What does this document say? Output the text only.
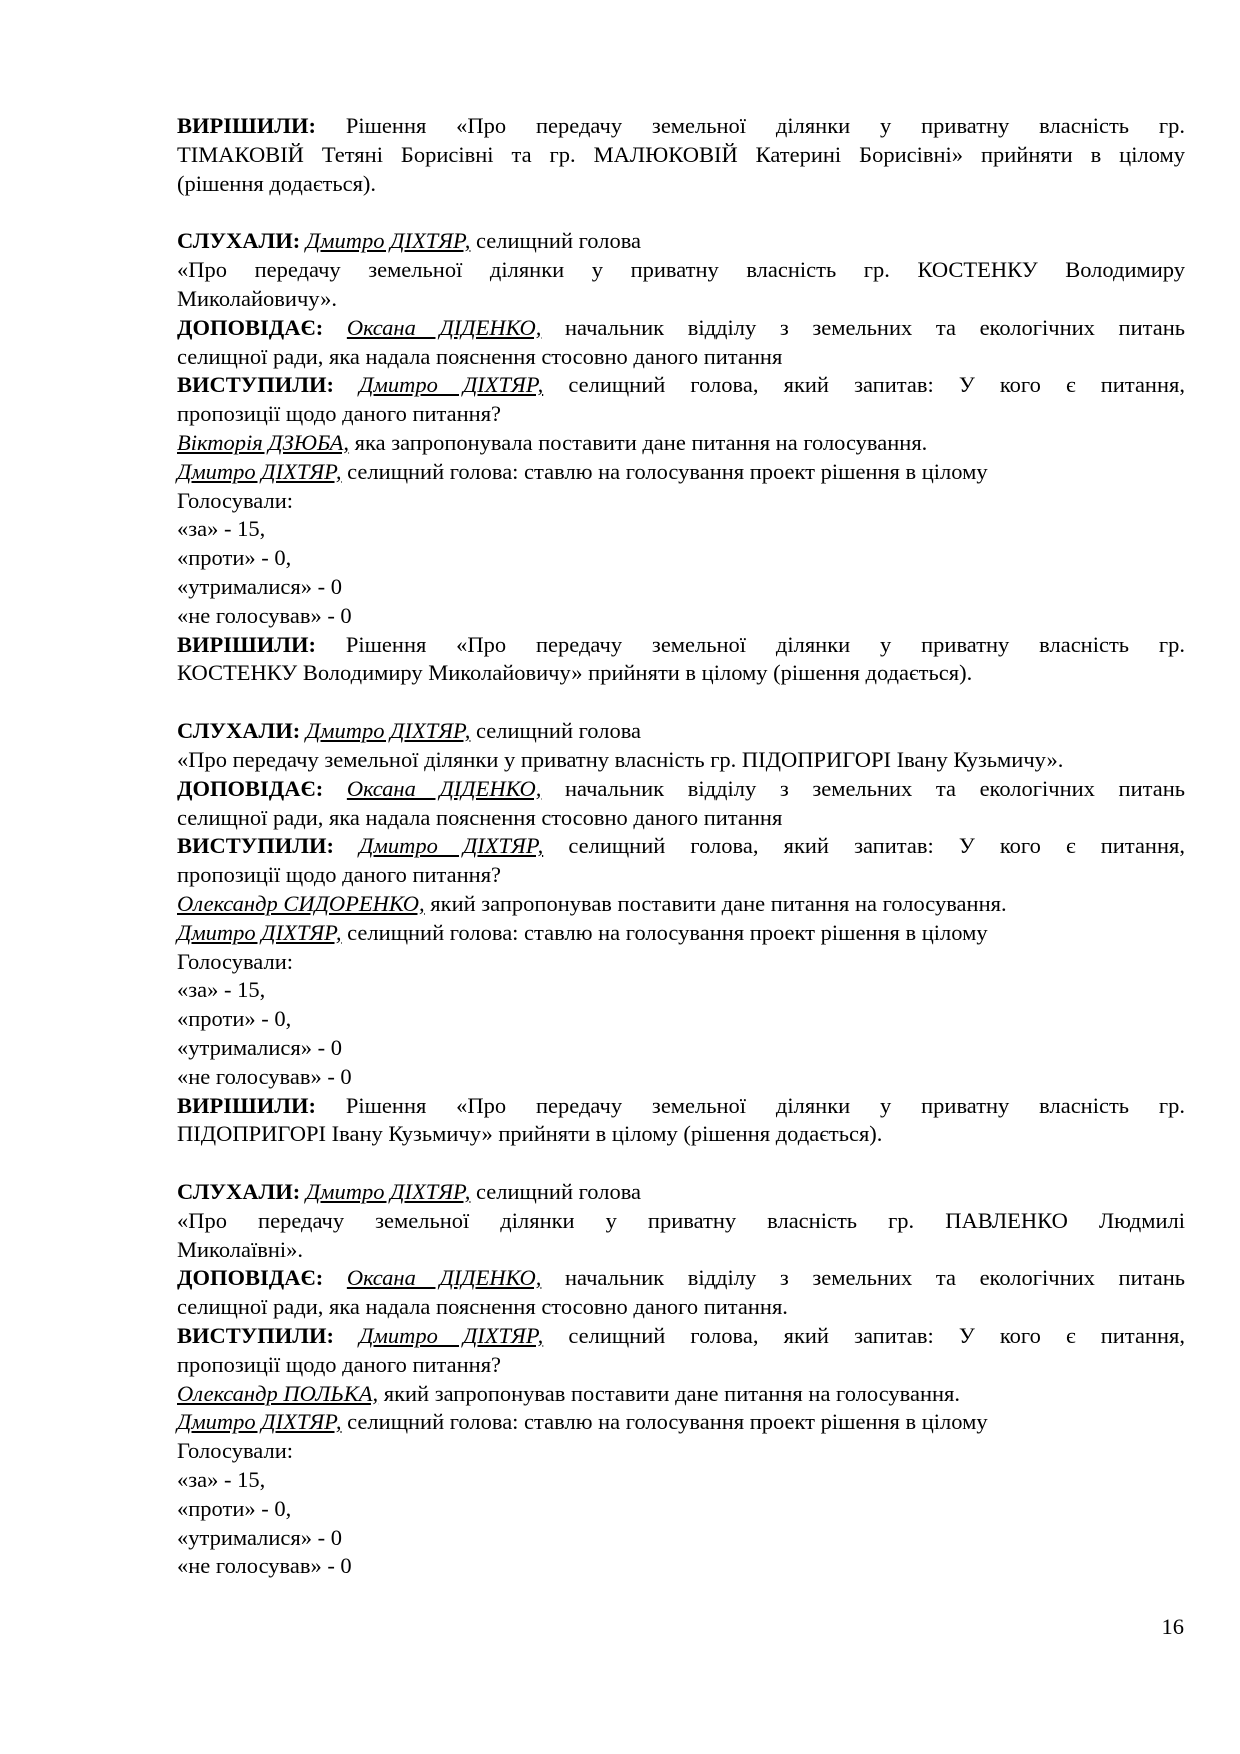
ВИРІШИЛИ: Рішення «Про передачу земельної ділянки у приватну власність гр.
ТІМАКОВІЙ Тетяні Борисівні та гр. МАЛЮКОВІЙ Катерині Борисівні» прийняти в цілому
(рішення додається).
СЛУХАЛИ: Дмитро ДІХТЯР, селищний голова
«Про передачу земельної ділянки у приватну власність гр. КОСТЕНКУ Володимиру
Миколайовичу».
ДОПОВІДАЄ: Оксана ДІДЕНКО, начальник відділу з земельних та екологічних питань
селищної ради, яка надала пояснення стосовно даного питання
ВИСТУПИЛИ: Дмитро ДІХТЯР, селищний голова, який запитав: У кого є питання,
пропозиції щодо даного питання?
Вікторія ДЗЮБА, яка запропонувала поставити дане питання на голосування.
Дмитро ДІХТЯР, селищний голова: ставлю на голосування проект рішення в цілому
Голосували:
«за» - 15,
«проти» - 0,
«утрималися» - 0
«не голосував» - 0
ВИРІШИЛИ: Рішення «Про передачу земельної ділянки у приватну власність гр.
КОСТЕНКУ Володимиру Миколайовичу» прийняти в цілому (рішення додається).
СЛУХАЛИ: Дмитро ДІХТЯР, селищний голова
«Про передачу земельної ділянки у приватну власність гр. ПІДОПРИГОРІ Івану Кузьмичу».
ДОПОВІДАЄ: Оксана ДІДЕНКО, начальник відділу з земельних та екологічних питань
селищної ради, яка надала пояснення стосовно даного питання
ВИСТУПИЛИ: Дмитро ДІХТЯР, селищний голова, який запитав: У кого є питання,
пропозиції щодо даного питання?
Олександр СИДОРЕНКО, який запропонував поставити дане питання на голосування.
Дмитро ДІХТЯР, селищний голова: ставлю на голосування проект рішення в цілому
Голосували:
«за» - 15,
«проти» - 0,
«утрималися» - 0
«не голосував» - 0
ВИРІШИЛИ: Рішення «Про передачу земельної ділянки у приватну власність гр.
ПІДОПРИГОРІ Івану Кузьмичу» прийняти в цілому (рішення додається).
СЛУХАЛИ: Дмитро ДІХТЯР, селищний голова
«Про передачу земельної ділянки у приватну власність гр. ПАВЛЕНКО Людмилі
Миколаївні».
ДОПОВІДАЄ: Оксана ДІДЕНКО, начальник відділу з земельних та екологічних питань
селищної ради, яка надала пояснення стосовно даного питання.
ВИСТУПИЛИ: Дмитро ДІХТЯР, селищний голова, який запитав: У кого є питання,
пропозиції щодо даного питання?
Олександр ПОЛЬКА, який запропонував поставити дане питання на голосування.
Дмитро ДІХТЯР, селищний голова: ставлю на голосування проект рішення в цілому
Голосували:
«за» - 15,
«проти» - 0,
«утрималися» - 0
«не голосував» - 0
16
